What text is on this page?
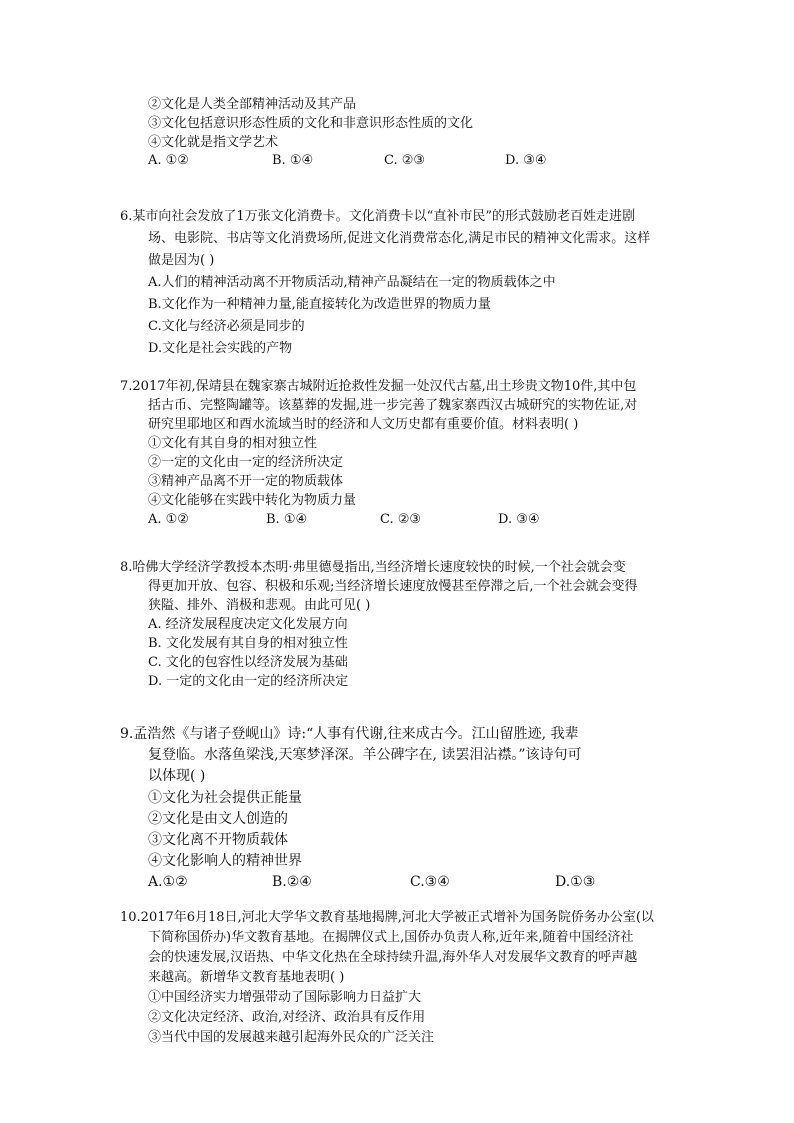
②文化是人类全部精神活动及其产品
③文化包括意识形态性质的文化和非意识形态性质的文化
④文化就是指文学艺术
A. ①②	B. ①④	C. ②③	D. ③④
6.某市向社会发放了1万张文化消费卡。文化消费卡以“直补市民”的形式鼓励老百姓走进剧
场、电影院、书店等文化消费场所,促进文化消费常态化,满足市民的精神文化需求。这样
做是因为( )
A.人们的精神活动离不开物质活动,精神产品凝结在一定的物质载体之中
B.文化作为一种精神力量,能直接转化为改造世界的物质力量
C.文化与经济必须是同步的
D.文化是社会实践的产物
7.2017年初,保靖县在魏家寨古城附近抢救性发掘一处汉代古墓,出土珍贵文物10件,其中包
括古币、完整陶罐等。该墓葬的发掘,进一步完善了魏家寨西汉古城研究的实物佐证,对
研究里耶地区和酉水流域当时的经济和人文历史都有重要价值。材料表明( )
①文化有其自身的相对独立性
②一定的文化由一定的经济所决定
③精神产品离不开一定的物质载体
④文化能够在实践中转化为物质力量
A. ①②	B. ①④	C. ②③	D. ③④
8.哈佛大学经济学教授本杰明·弗里德曼指出,当经济增长速度较快的时候,一个社会就会变
得更加开放、包容、积极和乐观;当经济增长速度放慢甚至停滞之后,一个社会就会变得
狭隘、排外、消极和悲观。由此可见( )
A. 经济发展程度决定文化发展方向
B. 文化发展有其自身的相对独立性
C. 文化的包容性以经济发展为基础
D. 一定的文化由一定的经济所决定
9.孟浩然《与诸子登岘山》诗:“人事有代谢,往来成古今。江山留胜迹, 我辈
复登临。水落鱼梁浅,天寒梦泽深。羊公碑字在, 读罢泪沾襟。”该诗句可
以体现( )
①文化为社会提供正能量
②文化是由文人创造的
③文化离不开物质载体
④文化影响人的精神世界
A.①②	B.②④	C.③④	D.①③
10.2017年6月18日,河北大学华文教育基地揭牌,河北大学被正式增补为国务院侨务办公室(以
下简称国侨办)华文教育基地。在揭牌仪式上,国侨办负责人称,近年来,随着中国经济社
会的快速发展,汉语热、中华文化热在全球持续升温,海外华人对发展华文教育的呼声越
来越高。新增华文教育基地表明( )
①中国经济实力增强带动了国际影响力日益扩大
②文化决定经济、政治,对经济、政治具有反作用
③当代中国的发展越来越引起海外民众的广泛关注
